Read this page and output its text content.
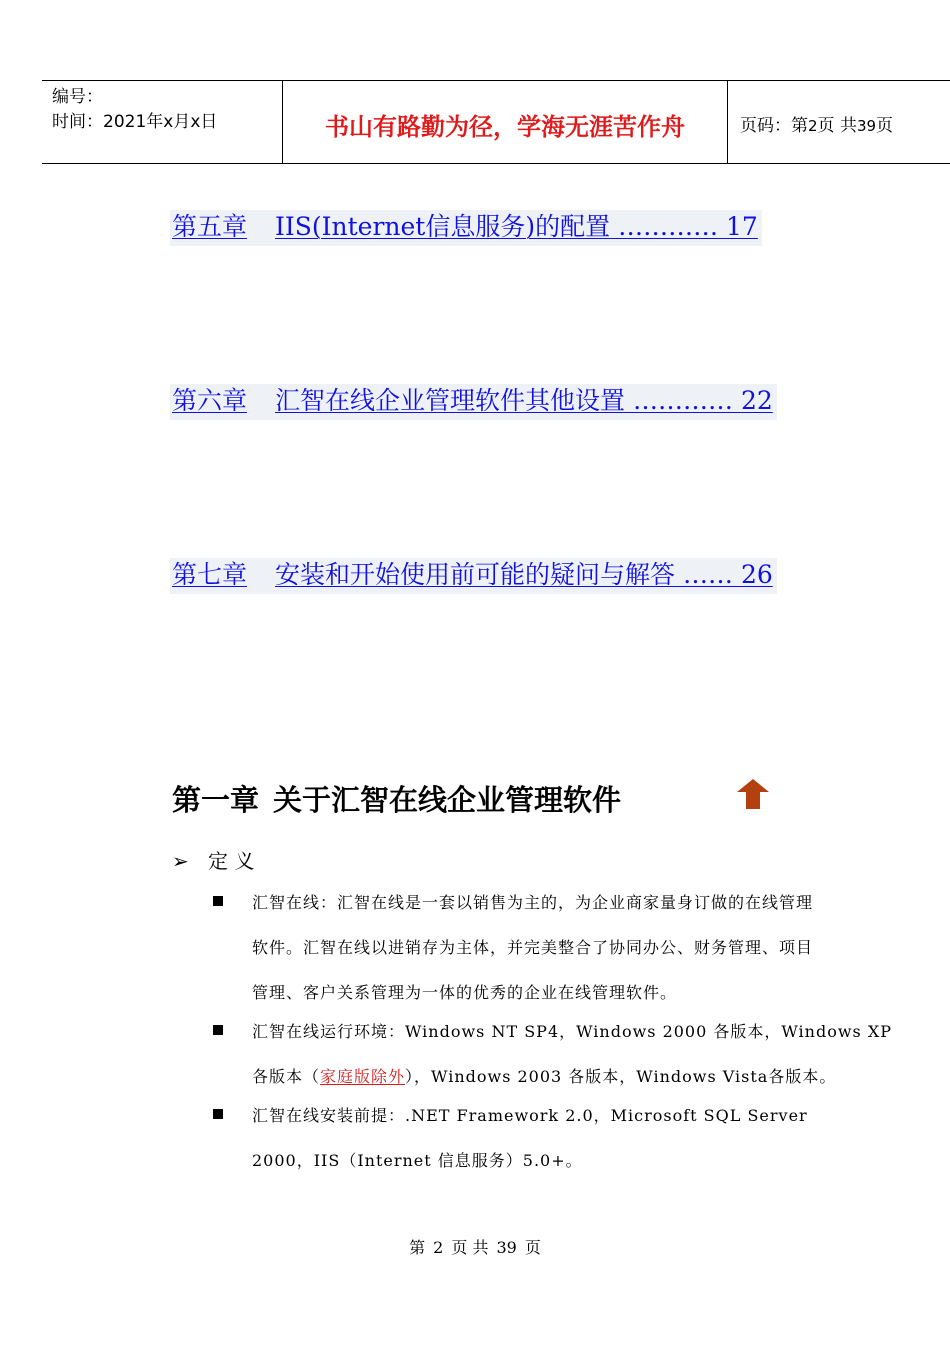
编号：
时间：2021年x月x日	书山有路勤为径，学海无涯苦作舟	页码：第2页 共39页
第五章 IIS(Internet信息服务)的配置 ………… 17
第六章 汇智在线企业管理软件其他设置 ………… 22
第七章 安装和开始使用前可能的疑问与解答 …… 26
第一章 关于汇智在线企业管理软件
➢ 定 义
汇智在线：汇智在线是一套以销售为主的，为企业商家量身订做的在线管理
软件。汇智在线以进销存为主体，并完美整合了协同办公、财务管理、项目
管理、客户关系管理为一体的优秀的企业在线管理软件。
汇智在线运行环境：Windows NT SP4，Windows 2000 各版本，Windows XP
各版本（家庭版除外），Windows 2003 各版本，Windows Vista各版本。
汇智在线安装前提：.NET Framework 2.0，Microsoft SQL Server
2000，IIS（Internet 信息服务）5.0+。
第 2 页 共 39 页
